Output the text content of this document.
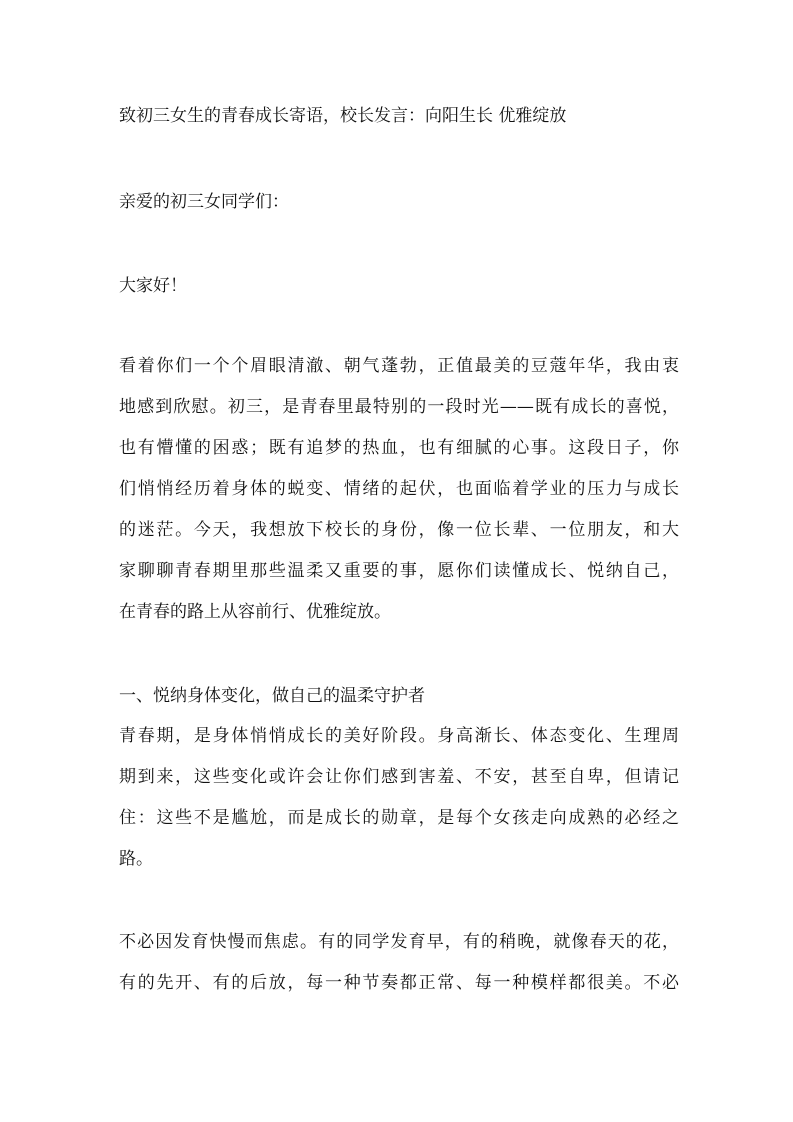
致初三女生的青春成长寄语，校长发言：向阳生长 优雅绽放
亲爱的初三女同学们：
大家好！
看着你们一个个眉眼清澈、朝气蓬勃，正值最美的豆蔻年华，我由衷
地感到欣慰。初三，是青春里最特别的一段时光——既有成长的喜悦，
也有懵懂的困惑；既有追梦的热血，也有细腻的心事。这段日子，你
们悄悄经历着身体的蜕变、情绪的起伏，也面临着学业的压力与成长
的迷茫。今天，我想放下校长的身份，像一位长辈、一位朋友，和大
家聊聊青春期里那些温柔又重要的事，愿你们读懂成长、悦纳自己，
在青春的路上从容前行、优雅绽放。
一、悦纳身体变化，做自己的温柔守护者
青春期，是身体悄悄成长的美好阶段。身高渐长、体态变化、生理周
期到来，这些变化或许会让你们感到害羞、不安，甚至自卑，但请记
住：这些不是尴尬，而是成长的勋章，是每个女孩走向成熟的必经之
路。
不必因发育快慢而焦虑。有的同学发育早，有的稍晚，就像春天的花，
有的先开、有的后放，每一种节奏都正常、每一种模样都很美。不必
